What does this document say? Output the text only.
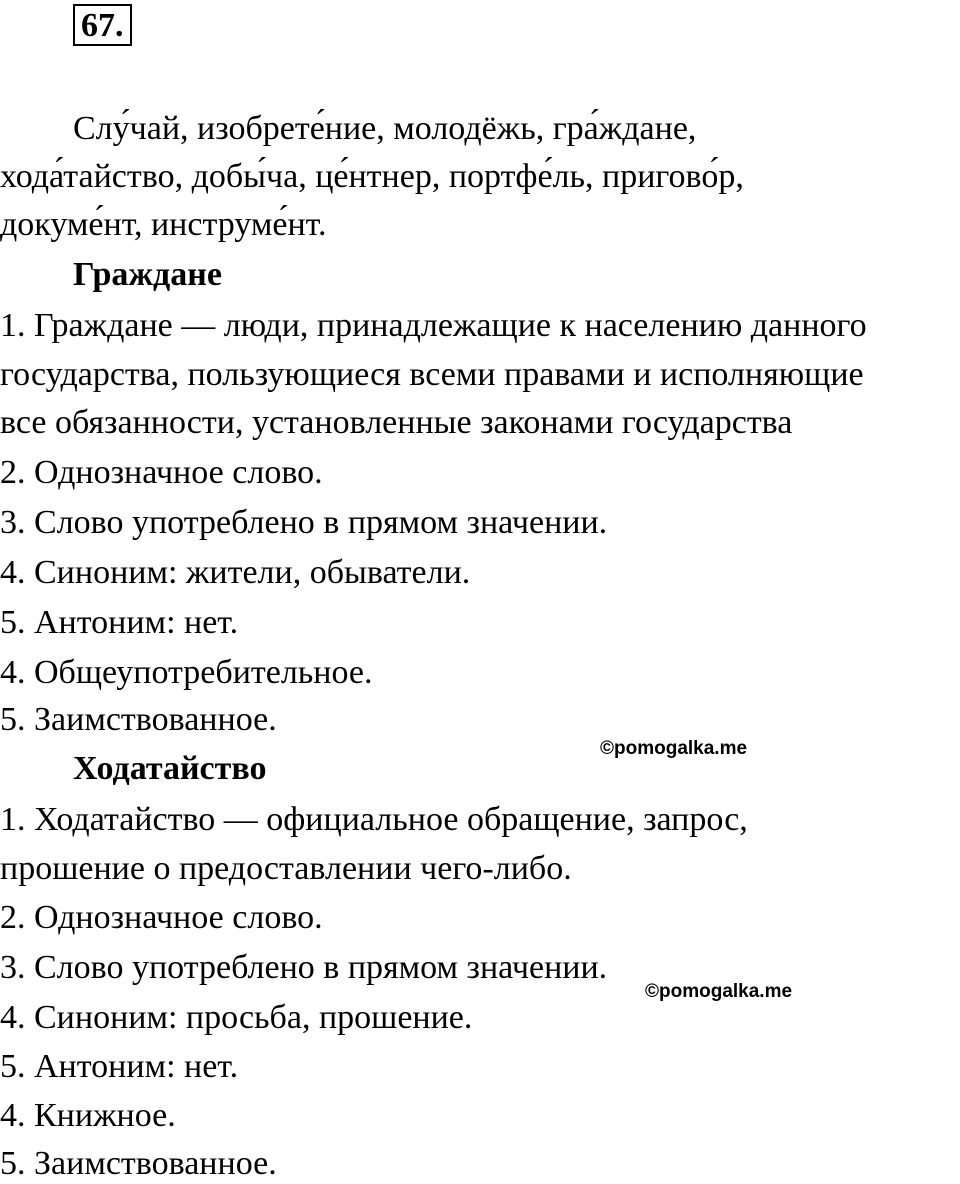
67.
Слу́чай, изобрете́ние, молодёжь, гра́ждане,
хода́тайство, добы́ча, це́нтнер, портфе́ль, пригово́р,
докуме́нт, инструме́нт.
Граждане
1. Граждане — люди, принадлежащие к населению данного
государства, пользующиеся всеми правами и исполняющие
все обязанности, установленные законами государства
2. Однозначное слово.
3. Слово употреблено в прямом значении.
4. Синоним: жители, обыватели.
5. Антоним: нет.
4. Общеупотребительное.
5. Заимствованное.
©pomogalka.me
Ходатайство
1. Ходатайство — официальное обращение, запрос,
прошение о предоставлении чего-либо.
2. Однозначное слово.
3. Слово употреблено в прямом значении.
4. Синоним: просьба, прошение.
5. Антоним: нет.
4. Книжное.
5. Заимствованное.
©pomogalka.me
